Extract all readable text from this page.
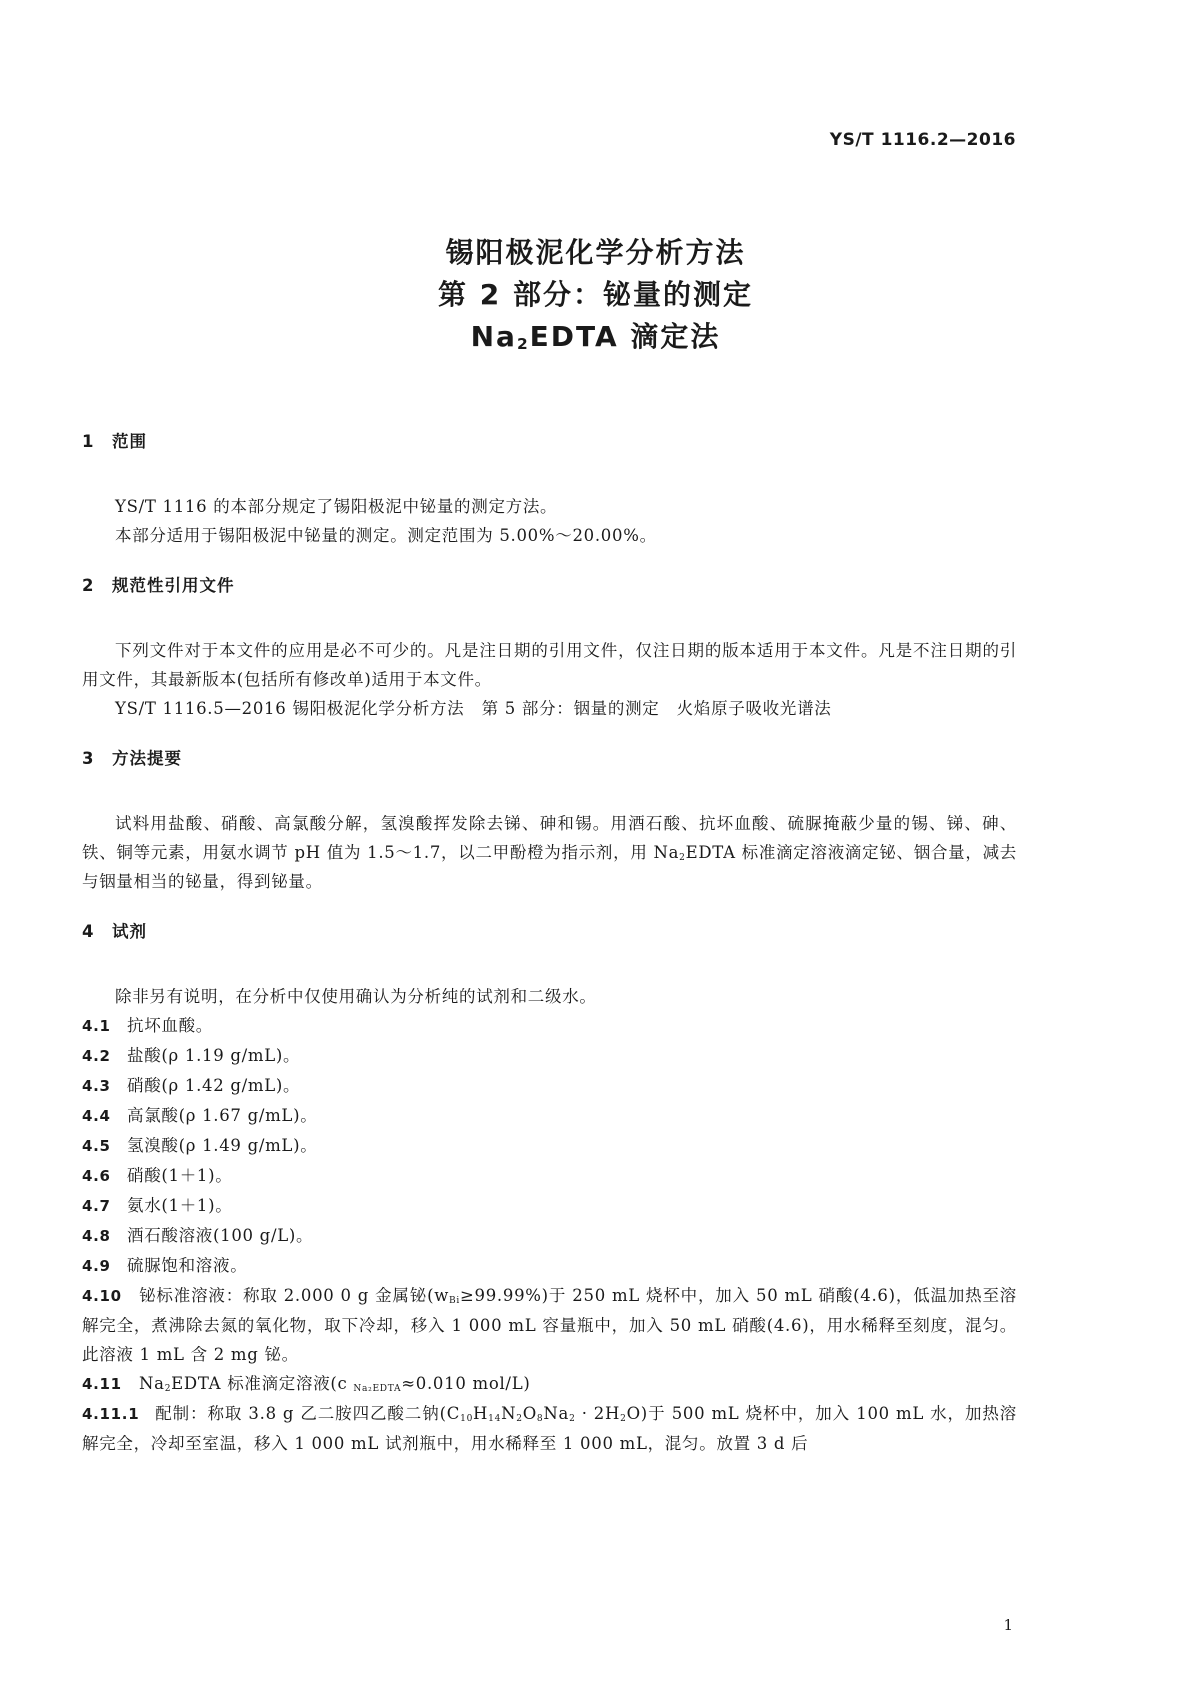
YS/T 1116.2—2016
锡阳极泥化学分析方法
第 2 部分：铋量的测定
$Na_2EDTA$ 滴定法
1 范围

YS/T 1116 的本部分规定了锡阳极泥中铋量的测定方法。

本部分适用于锡阳极泥中铋量的测定。测定范围为 5.00%～20.00%。

2 规范性引用文件

下列文件对于本文件的应用是必不可少的。凡是注日期的引用文件，仅注日期的版本适用于本文件。凡是不注日期的引用文件，其最新版本(包括所有修改单)适用于本文件。

YS/T 1116.5—2016 锡阳极泥化学分析方法　第 5 部分：铟量的测定　火焰原子吸收光谱法

3 方法提要

试料用盐酸、硝酸、高氯酸分解，氢溴酸挥发除去锑、砷和锡。用酒石酸、抗坏血酸、硫脲掩蔽少量的锡、锑、砷、铁、铜等元素，用氨水调节 pH 值为 1.5～1.7，以二甲酚橙为指示剂，用 $Na_2EDTA$ 标准滴定溶液滴定铋、铟合量，减去与铟量相当的铋量，得到铋量。

4 试剂

除非另有说明，在分析中仅使用确认为分析纯的试剂和二级水。

4.1 抗坏血酸。
4.2 盐酸(ρ 1.19 g/mL)。
4.3 硝酸(ρ 1.42 g/mL)。
4.4 高氯酸(ρ 1.67 g/mL)。
4.5 氢溴酸(ρ 1.49 g/mL)。
4.6 硝酸(1＋1)。
4.7 氨水(1＋1)。
4.8 酒石酸溶液(100 g/L)。
4.9 硫脲饱和溶液。
4.10 铋标准溶液：称取 2.000 0 g 金属铋$(w_{Bi}\ge 99.99\%)$于 250 mL 烧杯中，加入 50 mL 硝酸(4.6)，低温加热至溶解完全，煮沸除去氮的氧化物，取下冷却，移入 1 000 mL 容量瓶中，加入 50 mL 硝酸(4.6)，用水稀释至刻度，混匀。此溶液 1 mL 含 2 mg 铋。
4.11 $Na_2EDTA$ 标准滴定溶液(c $_{Na_2EDTA}$≈0.010 mol/L)
4.11.1 配制：称取 3.8 g 乙二胺四乙酸二钠$(C_{10}H_{14}N_2O_8Na_2 \cdot 2H_2O)$于 500 mL 烧杯中，加入 100 mL 水，加热溶解完全，冷却至室温，移入 1 000 mL 试剂瓶中，用水稀释至 1 000 mL，混匀。放置 3 d 后
1
